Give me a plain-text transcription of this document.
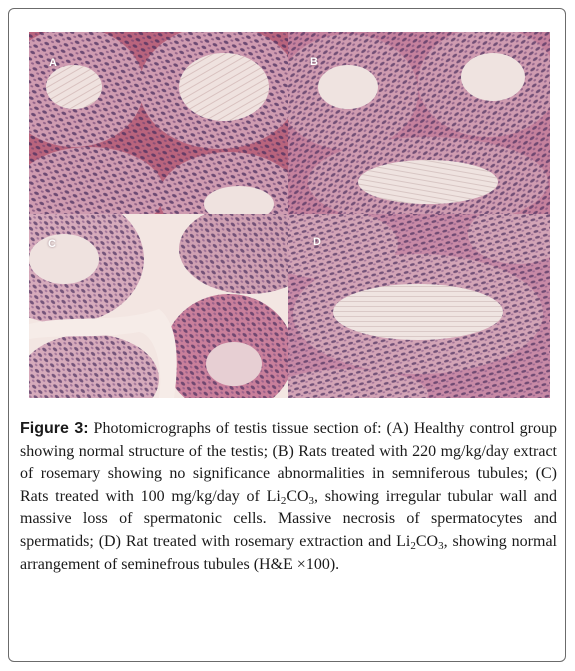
A	B
C	D
Figure 3: Photomicrographs of testis tissue section of: (A) Healthy control group showing normal structure of the testis; (B) Rats treated with 220 mg/kg/day extract of rosemary showing no significance abnormalities in semniferous tubules; (C) Rats treated with 100 mg/kg/day of $Li_2CO_3$, showing irregular tubular wall and massive loss of spermatonic cells. Massive necrosis of spermatocytes and spermatids; (D) Rat treated with rosemary extraction and $Li_2CO_3$, showing normal arrangement of seminefrous tubules (H&E ×100).
